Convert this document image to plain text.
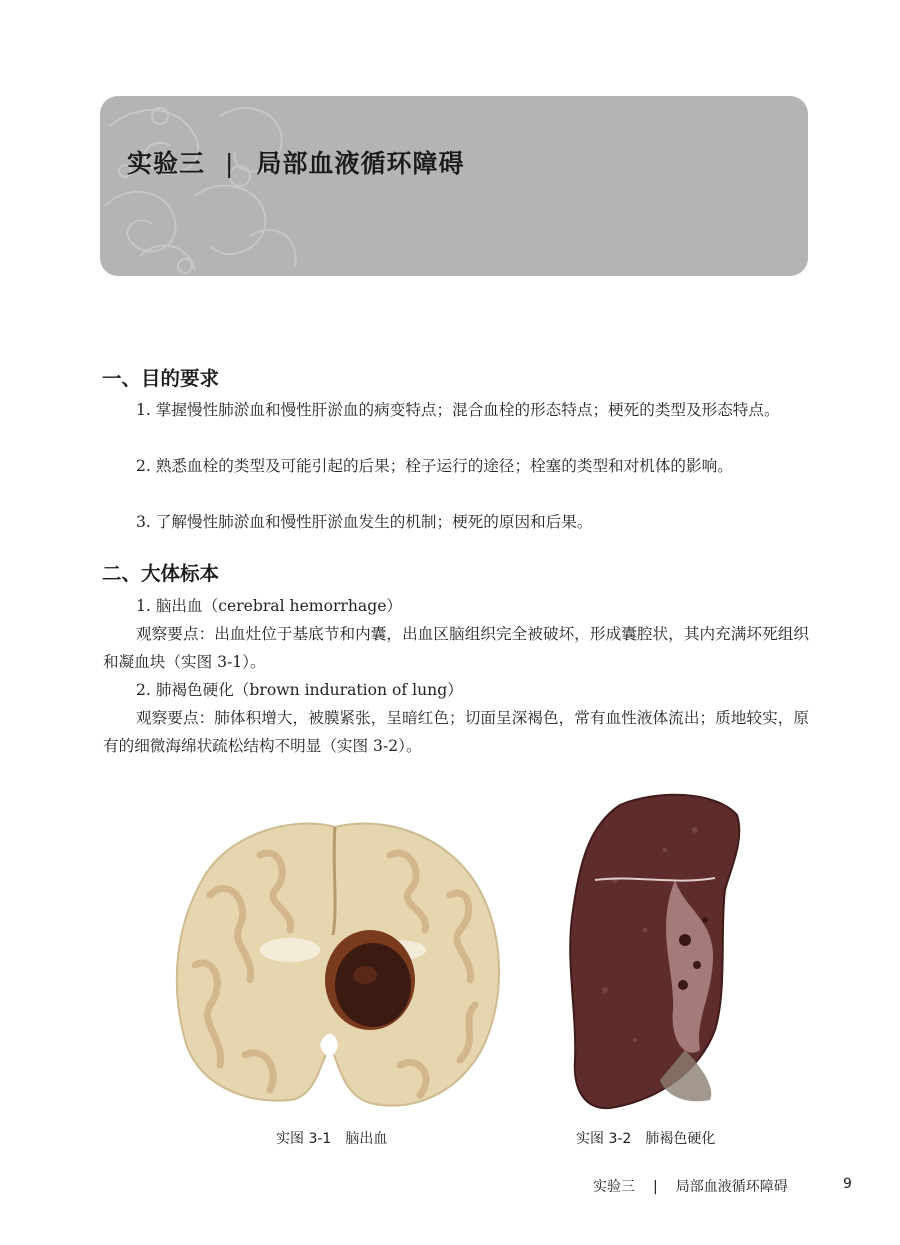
实验三 | 局部血液循环障碍
一、目的要求

1. 掌握慢性肺淤血和慢性肝淤血的病变特点；混合血栓的形态特点；梗死的类型及形态特点。

2. 熟悉血栓的类型及可能引起的后果；栓子运行的途径；栓塞的类型和对机体的影响。

3. 了解慢性肺淤血和慢性肝淤血发生的机制；梗死的原因和后果。

二、大体标本

1. 脑出血（cerebral hemorrhage）

观察要点：出血灶位于基底节和内囊，出血区脑组织完全被破坏，形成囊腔状，其内充满坏死组织和凝血块（实图 3-1）。

2. 肺褐色硬化（brown induration of lung）

观察要点：肺体积增大，被膜紧张，呈暗红色；切面呈深褐色，常有血性液体流出；质地较实，原有的细微海绵状疏松结构不明显（实图 3-2）。

实图 3-1 脑出血	实图 3-2 肺褐色硬化

实验三 | 局部血液循环障碍	9
